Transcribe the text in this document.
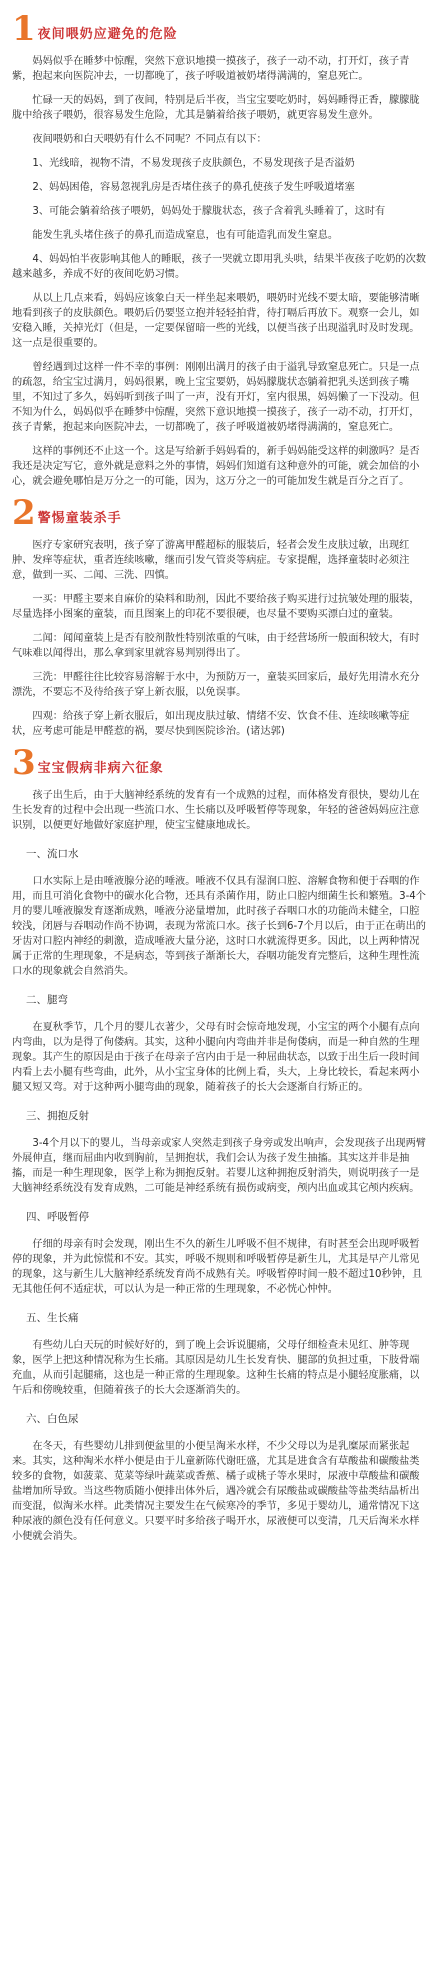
1 夜间喂奶应避免的危险

妈妈似乎在睡梦中惊醒，突然下意识地摸一摸孩子，孩子一动不动，打开灯，孩子青紫，抱起来向医院冲去，一切都晚了，孩子呼吸道被奶堵得满满的，窒息死亡。

忙碌一天的妈妈，到了夜间，特别是后半夜，当宝宝要吃奶时，妈妈睡得正香，朦朦胧胧中给孩子喂奶，很容易发生危险，尤其是躺着给孩子喂奶，就更容易发生意外。

夜间喂奶和白天喂奶有什么不同呢？不同点有以下：

1、光线暗，视物不清，不易发现孩子皮肤颜色，不易发现孩子是否溢奶

2、妈妈困倦，容易忽视乳房是否堵住孩子的鼻孔使孩子发生呼吸道堵塞

3、可能会躺着给孩子喂奶，妈妈处于朦胧状态，孩子含着乳头睡着了，这时有

能发生乳头堵住孩子的鼻孔而造成窒息，也有可能造乳而发生窒息。

4、妈妈怕半夜影响其他人的睡眠，孩子一哭就立即用乳头哄，结果半夜孩子吃奶的次数越来越多，养成不好的夜间吃奶习惯。

从以上几点来看，妈妈应该象白天一样坐起来喂奶，喂奶时光线不要太暗，要能够清晰地看到孩子的皮肤颜色。喂奶后仍要竖立抱并轻轻拍背，待打嗝后再放下。观察一会儿，如安稳入睡，关掉光灯（但是，一定要保留暗一些的光线，以便当孩子出现溢乳时及时发现。这一点是很重要的。

曾经遇到过这样一件不幸的事例：刚刚出满月的孩子由于溢乳导致窒息死亡。只是一点的疏忽，给宝宝过满月，妈妈很累，晚上宝宝要奶，妈妈朦胧状态躺着把乳头送到孩子嘴里，不知过了多久，妈妈听到孩子叫了一声，没有开灯，室内很黑，妈妈懒了一下没动。但不知为什么，妈妈似乎在睡梦中惊醒，突然下意识地摸一摸孩子，孩子一动不动，打开灯，孩子青紫，抱起来向医院冲去，一切都晚了，孩子呼吸道被奶堵得满满的，窒息死亡。

这样的事例还不止这一个。这是写给新手妈妈看的，新手妈妈能受这样的刺激吗？是否我还是决定写它，意外就是意料之外的事情，妈妈们知道有这种意外的可能，就会加倍的小心，就会避免哪怕是万分之一的可能，因为，这万分之一的可能加发生就是百分之百了。

2 警惕童装杀手

医疗专家研究表明，孩子穿了游离甲醛超标的服装后，轻者会发生皮肤过敏，出现红肿、发痒等症状，重者连续咳嗽，继而引发气管炎等病症。专家提醒，选择童装时必须注意，做到一买、二闻、三洗、四慎。

一买：甲醛主要来自麻价的染料和助剂，因此不要给孩子购买进行过抗皱处理的服装，尽量选择小图案的童装，而且图案上的印花不要很硬，也尽量不要购买漂白过的童装。

二闻：闻闻童装上是否有胶剂散性特别浓重的气味，由于经营场所一般面积较大，有时气味难以闻得出，那么拿到家里就容易判别得出了。

三洗：甲醛往往比较容易溶解于水中，为预防万一，童装买回家后，最好先用清水充分漂洗，不要忘不及待给孩子穿上新衣服，以免误事。

四观：给孩子穿上新衣服后，如出现皮肤过敏、情绪不安、饮食不佳、连续咳嗽等症状，应考虑可能是甲醛惹的祸，要尽快到医院诊治。(诸达郭)

3 宝宝假病非病六征象

孩子出生后，由于大脑神经系统的发育有一个成熟的过程，而体格发育很快，婴幼儿在生长发育的过程中会出现一些流口水、生长痛以及呼吸暂停等现象，年轻的爸爸妈妈应注意识别，以便更好地做好家庭护理，使宝宝健康地成长。

一、流口水

口水实际上是由唾液腺分泌的唾液。唾液不仅具有湿润口腔、溶解食物和便于吞咽的作用，而且可消化食物中的碳水化合物，还具有杀菌作用，防止口腔内细菌生长和繁殖。3-4个月的婴儿唾液腺发育逐渐成熟，唾液分泌量增加，此时孩子吞咽口水的功能尚未健全，口腔较浅，闭唇与吞咽动作尚不协调，表现为常流口水。孩子长到6-7个月以后，由于正在萌出的牙齿对口腔内神经的刺激，造成唾液大量分泌，这时口水就流得更多。因此，以上两种情况属于正常的生理现象，不是病态，等到孩子渐渐长大，吞咽功能发育完整后，这种生理性流口水的现象就会自然消失。

二、腿弯

在夏秋季节，几个月的婴儿衣著少，父母有时会惊奇地发现，小宝宝的两个小腿有点向内弯曲，以为是得了佝偻病。其实，这种小腿向内弯曲并非是佝偻病，而是一种自然的生理现象。其产生的原因是由于孩子在母亲子宫内由于是一种屈曲状态，以致于出生后一段时间内看上去小腿有些弯曲，此外，从小宝宝身体的比例上看，头大，上身比较长，看起来两小腿又短又弯。对于这种两小腿弯曲的现象，随着孩子的长大会逐渐自行矫正的。

三、拥抱反射

3-4个月以下的婴儿，当母亲或家人突然走到孩子身旁或发出响声，会发现孩子出现两臂外展伸直，继而屈曲内收到胸前，呈拥抱状，我们会认为孩子发生抽搐。其实这并非是抽搐，而是一种生理现象，医学上称为拥抱反射。若婴儿这种拥抱反射消失，则说明孩子一是大脑神经系统没有发育成熟，二可能是神经系统有损伤或病变，颅内出血或其它颅内疾病。

四、呼吸暂停

仔细的母亲有时会发现，刚出生不久的新生儿呼吸不但不规律，有时甚至会出现呼吸暂停的现象，并为此惊慌和不安。其实，呼吸不规则和呼吸暂停是新生儿，尤其是早产儿常见的现象，这与新生儿大脑神经系统发育尚不成熟有关。呼吸暂停时间一般不超过10秒钟，且无其他任何不适症状，可以认为是一种正常的生理现象，不必恍心忡忡。

五、生长痛

有些幼儿白天玩的时候好好的，到了晚上会诉说腿痛，父母仔细检查未见红、肿等现象，医学上把这种情况称为生长痛。其原因是幼儿生长发育快、腿部的负担过重，下肢骨端充血，从而引起腿痛，这也是一种正常的生理现象。这种生长痛的特点是小腿轻度胀痛，以午后和傍晚较重，但随着孩子的长大会逐渐消失的。

六、白色尿

在冬天，有些婴幼儿排到便盆里的小便呈淘米水样，不少父母以为是乳糜尿而紧张起来。其实，这种淘米水样小便是由于儿童新陈代谢旺盛，尤其是进食含有草酸盐和碳酸盐类较多的食物，如菠菜、苋菜等绿叶蔬菜或香蕉、橘子或桃子等水果时，尿液中草酸盐和碳酸盐增加所导致。当这些物质随小便排出体外后，遇冷就会有尿酸盐或碳酸盐等盐类结晶析出而变混，似淘米水样。此类情况主要发生在气候寒冷的季节，多见于婴幼儿，通常情况下这种尿液的颜色没有任何意义。只要平时多给孩子喝开水，尿液便可以变清，几天后淘米水样小便就会消失。
